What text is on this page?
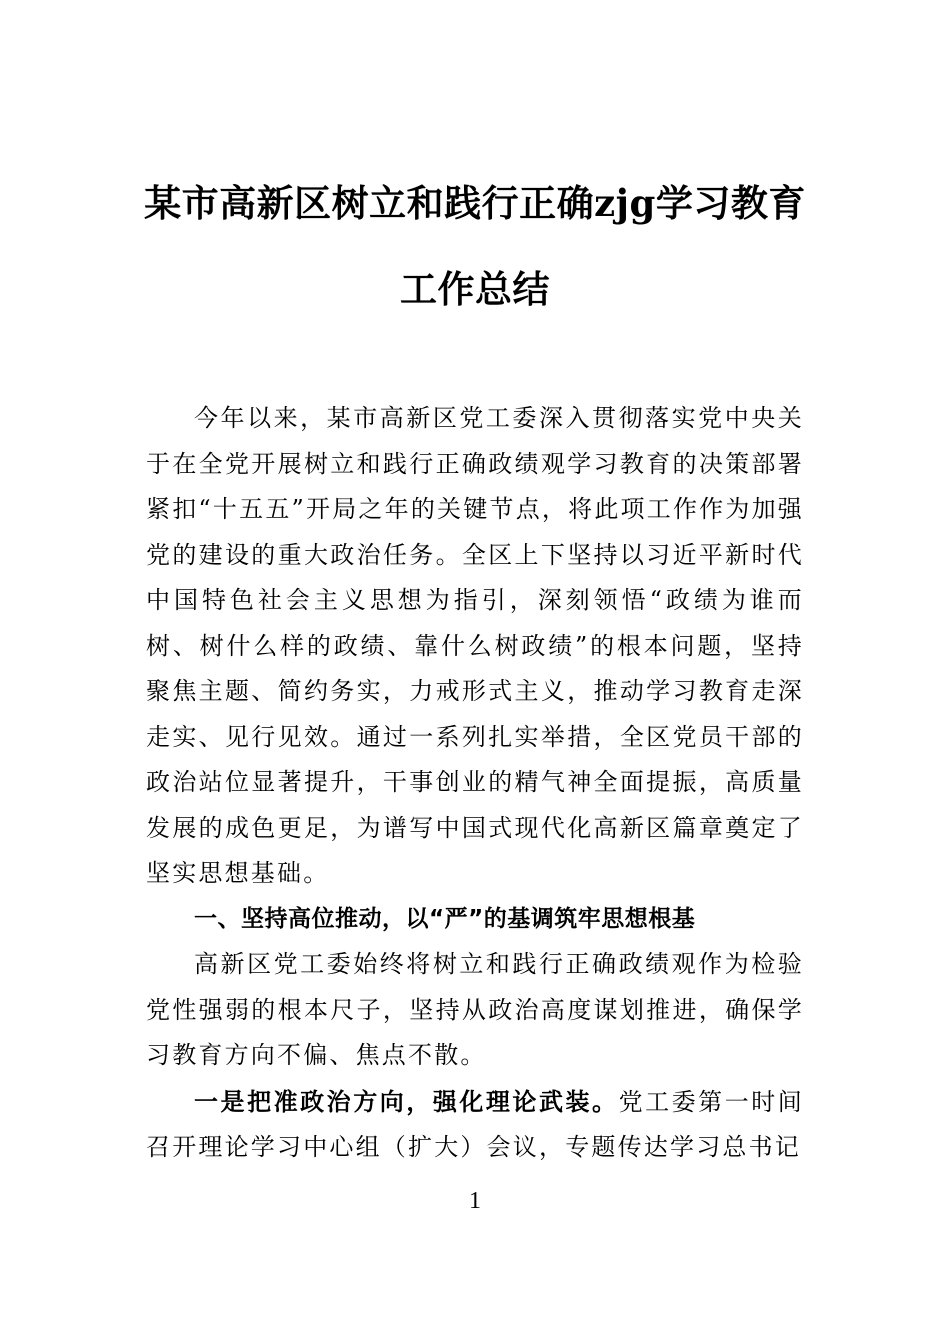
某市高新区树立和践行正确zjg学习教育工作总结

今年以来，某市高新区党工委深入贯彻落实党中央关于在全党开展树立和践行正确政绩观学习教育的决策部署紧扣“十五五”开局之年的关键节点，将此项工作作为加强党的建设的重大政治任务。全区上下坚持以习近平新时代中国特色社会主义思想为指引，深刻领悟“政绩为谁而树、树什么样的政绩、靠什么树政绩”的根本问题，坚持聚焦主题、简约务实，力戒形式主义，推动学习教育走深走实、见行见效。通过一系列扎实举措，全区党员干部的政治站位显著提升，干事创业的精气神全面提振，高质量发展的成色更足，为谱写中国式现代化高新区篇章奠定了坚实思想基础。

一、坚持高位推动，以“严”的基调筑牢思想根基

高新区党工委始终将树立和践行正确政绩观作为检验党性强弱的根本尺子，坚持从政治高度谋划推进，确保学习教育方向不偏、焦点不散。

一是把准政治方向，强化理论武装。党工委第一时间召开理论学习中心组（扩大）会议，专题传达学习总书记

1
